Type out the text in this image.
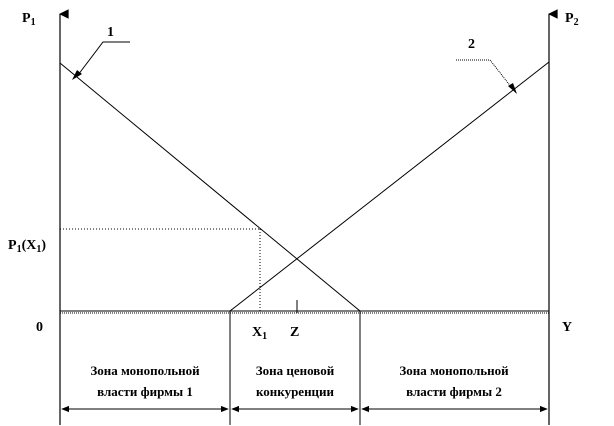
$P_1$	$P_2$
0	Y
1
2
$P_1(X_1)$
$X_1$ Z
Зона монопольной
власти фирмы 1
Зона ценовой
конкуренции
Зона монопольной
власти фирмы 2
